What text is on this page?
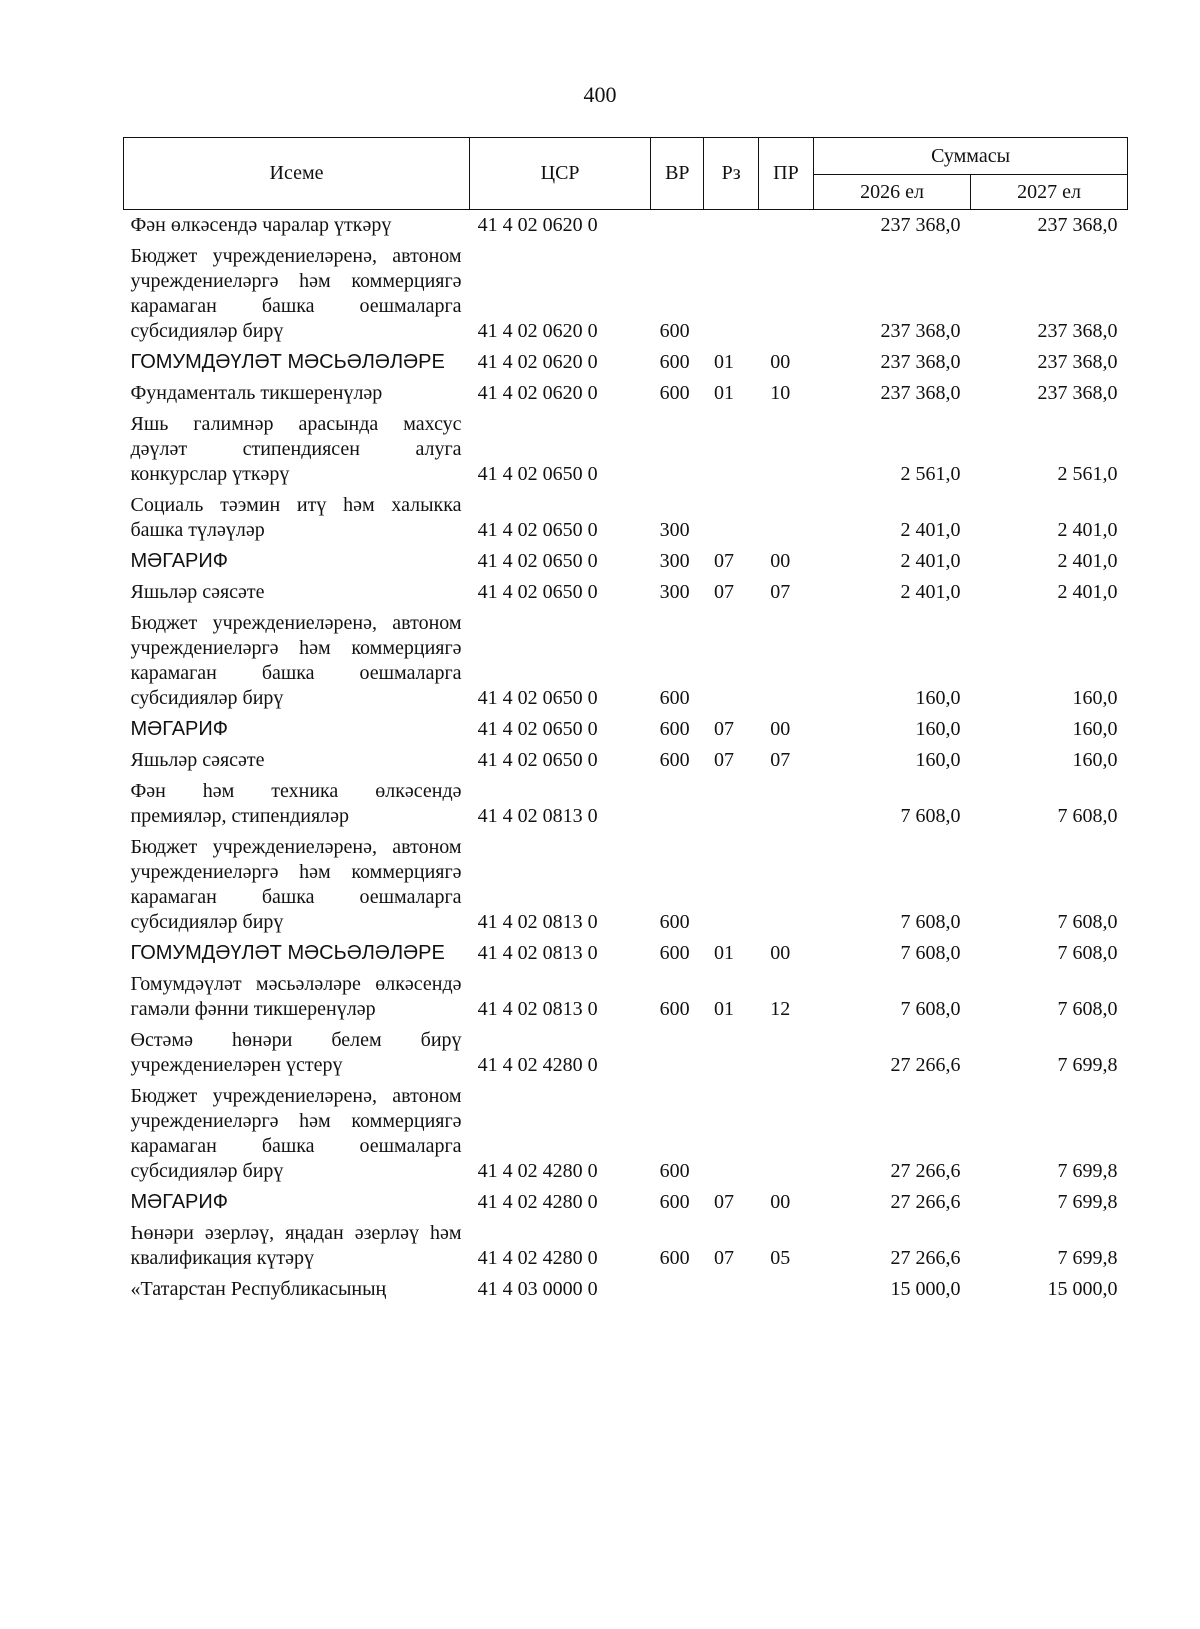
400
Исеме	ЦСР	ВР	Рз	ПР	Суммасы	
					2026 ел	2027 ел
Фән өлкәсендә чаралар үткәрү	41 4 02 0620 0				237 368,0	237 368,0
Бюджет учреждениеләренә, автоном учреждениеләргә һәм коммерциягә карамаган башка оешмаларга субсидияләр бирү	41 4 02 0620 0	600			237 368,0	237 368,0
ГОМУМДӘҮЛӘТ МӘСЬӘЛӘЛӘРЕ	41 4 02 0620 0	600	01	00	237 368,0	237 368,0
Фундаменталь тикшеренүләр	41 4 02 0620 0	600	01	10	237 368,0	237 368,0
Яшь галимнәр арасында махсус дәүләт стипендиясен алуга конкурслар үткәрү	41 4 02 0650 0				2 561,0	2 561,0
Социаль тәэмин итү һәм халыкка башка түләүләр	41 4 02 0650 0	300			2 401,0	2 401,0
МӘГАРИФ	41 4 02 0650 0	300	07	00	2 401,0	2 401,0
Яшьләр сәясәте	41 4 02 0650 0	300	07	07	2 401,0	2 401,0
Бюджет учреждениеләренә, автоном учреждениеләргә һәм коммерциягә карамаган башка оешмаларга субсидияләр бирү	41 4 02 0650 0	600			160,0	160,0
МӘГАРИФ	41 4 02 0650 0	600	07	00	160,0	160,0
Яшьләр сәясәте	41 4 02 0650 0	600	07	07	160,0	160,0
Фән һәм техника өлкәсендә премияләр, стипендияләр	41 4 02 0813 0				7 608,0	7 608,0
Бюджет учреждениеләренә, автоном учреждениеләргә һәм коммерциягә карамаган башка оешмаларга субсидияләр бирү	41 4 02 0813 0	600			7 608,0	7 608,0
ГОМУМДӘҮЛӘТ МӘСЬӘЛӘЛӘРЕ	41 4 02 0813 0	600	01	00	7 608,0	7 608,0
Гомумдәүләт мәсьәләләре өлкәсендә гамәли фәнни тикшеренүләр	41 4 02 0813 0	600	01	12	7 608,0	7 608,0
Өстәмә һөнәри белем бирү учреждениеләрен үстерү	41 4 02 4280 0				27 266,6	7 699,8
Бюджет учреждениеләренә, автоном учреждениеләргә һәм коммерциягә карамаган башка оешмаларга субсидияләр бирү	41 4 02 4280 0	600			27 266,6	7 699,8
МӘГАРИФ	41 4 02 4280 0	600	07	00	27 266,6	7 699,8
Һөнәри әзерләү, яңадан әзерләү һәм квалификация күтәрү	41 4 02 4280 0	600	07	05	27 266,6	7 699,8
«Татарстан Республикасының	41 4 03 0000 0				15 000,0	15 000,0
